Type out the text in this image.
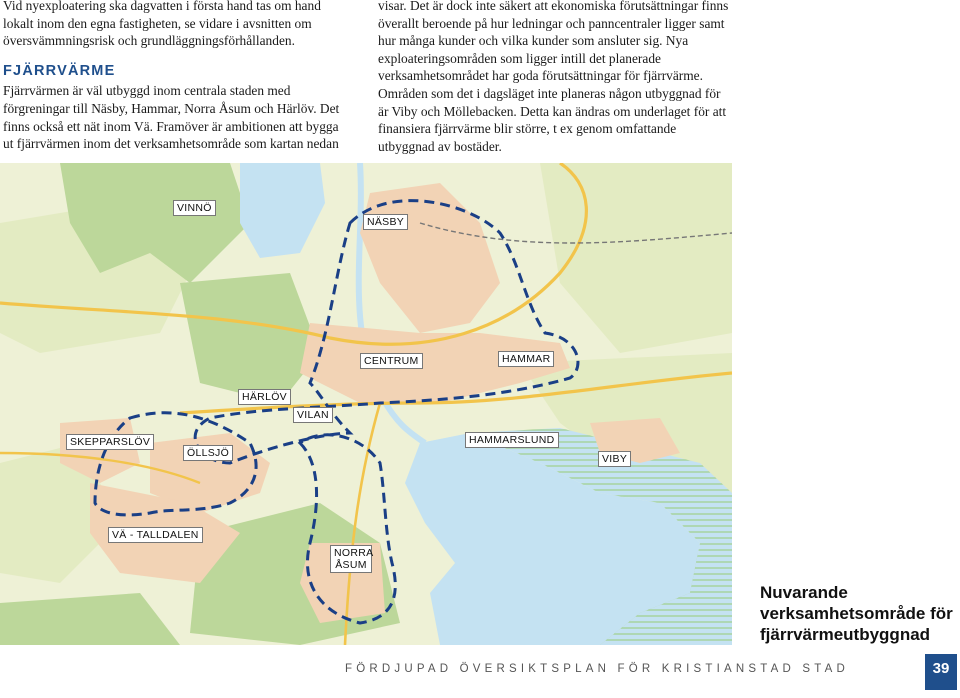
Vid nyexploatering ska dagvatten i första hand tas om hand lokalt inom den egna fastigheten, se vidare i avsnitten om översvämmningsrisk och grundläggningsförhållanden.

FJÄRRVÄRME

Fjärrvärmen är väl utbyggd inom centrala staden med förgreningar till Näsby, Hammar, Norra Åsum och Härlöv. Det finns också ett nät inom Vä. Framöver är ambitionen att bygga ut fjärrvärmen inom det verksamhetsområde som kartan nedan

visar. Det är dock inte säkert att ekonomiska förutsättningar finns överallt beroende på hur ledningar och panncentraler ligger samt hur många kunder och vilka kunder som ansluter sig. Nya exploateringsområden som ligger intill det planerade verksamhetsområdet har goda förutsättningar för fjärrvärme. Områden som det i dagsläget inte planeras någon utbyggnad för är Viby och Möllebacken. Detta kan ändras om underlaget för att finansiera fjärrvärme blir större, t ex genom omfattande utbyggnad av bostäder.

VINNÖ
NÄSBY
CENTRUM	HAMMAR
HÄRLÖV
VILAN
SKEPPARSLÖV
ÖLLSJÖ
HAMMARSLUND
VIBY
VÄ - TALLDALEN
NORRA ÅSUM
Nuvarande verksamhetsområde för fjärrvärmeutbyggnad
FÖRDJUPAD ÖVERSIKTSPLAN FÖR KRISTIANSTAD STAD	39
